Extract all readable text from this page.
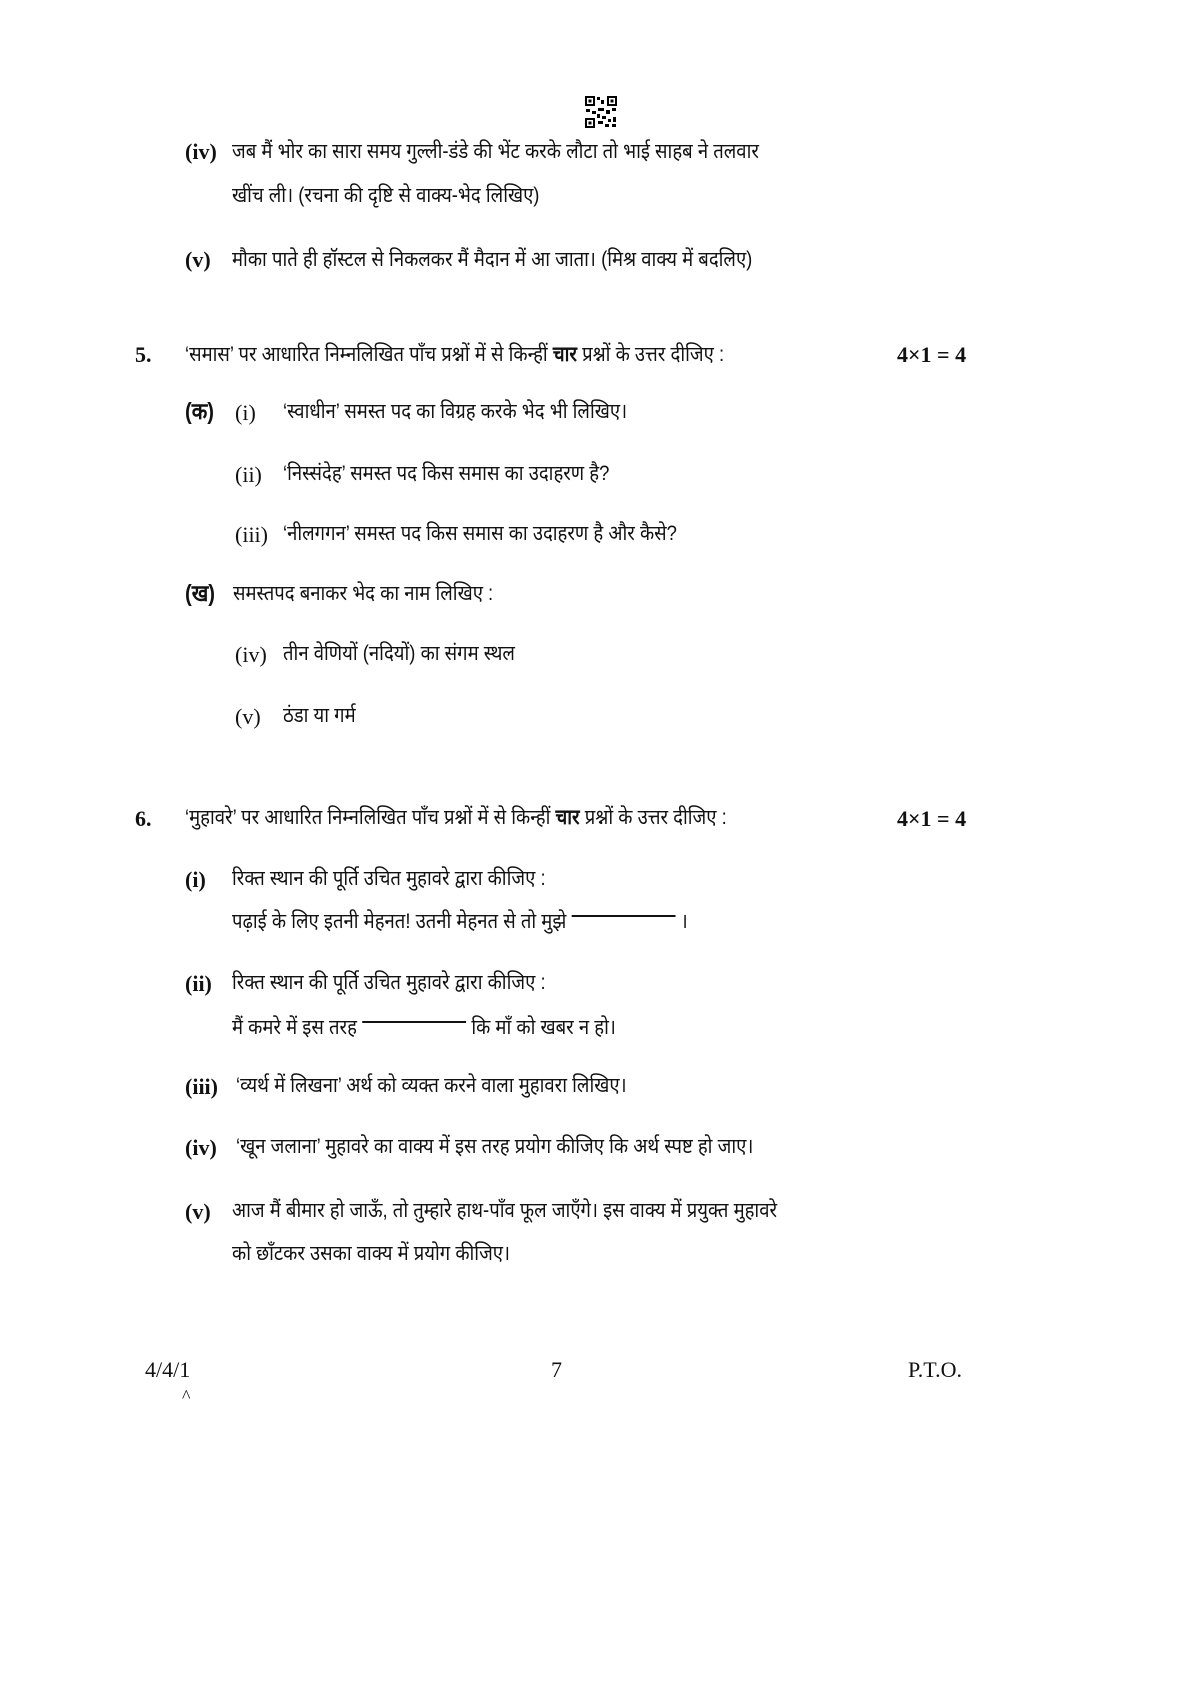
(iv) जब मैं भोर का सारा समय गुल्ली-डंडे की भेंट करके लौटा तो भाई साहब ने तलवार
खींच ली। (रचना की दृष्टि से वाक्य-भेद लिखिए)
(v) मौका पाते ही हॉस्टल से निकलकर मैं मैदान में आ जाता। (मिश्र वाक्य में बदलिए)
5. ‘समास’ पर आधारित निम्नलिखित पाँच प्रश्नों में से किन्हीं चार प्रश्नों के उत्तर दीजिए :	4×1 = 4
(क) (i) ‘स्वाधीन’ समस्त पद का विग्रह करके भेद भी लिखिए।
(ii) ‘निस्संदेह’ समस्त पद किस समास का उदाहरण है?
(iii) ‘नीलगगन’ समस्त पद किस समास का उदाहरण है और कैसे?
(ख) समस्तपद बनाकर भेद का नाम लिखिए :
(iv) तीन वेणियों (नदियों) का संगम स्थल
(v) ठंडा या गर्म
6. ‘मुहावरे’ पर आधारित निम्नलिखित पाँच प्रश्नों में से किन्हीं चार प्रश्नों के उत्तर दीजिए :	4×1 = 4
(i) रिक्त स्थान की पूर्ति उचित मुहावरे द्वारा कीजिए :
पढ़ाई के लिए इतनी मेहनत! उतनी मेहनत से तो मुझे	।
(ii) रिक्त स्थान की पूर्ति उचित मुहावरे द्वारा कीजिए :
मैं कमरे में इस तरह	कि माँ को खबर न हो।
(iii) ‘व्यर्थ में लिखना’ अर्थ को व्यक्त करने वाला मुहावरा लिखिए।
(iv) ‘खून जलाना’ मुहावरे का वाक्य में इस तरह प्रयोग कीजिए कि अर्थ स्पष्ट हो जाए।
(v) आज मैं बीमार हो जाऊँ, तो तुम्हारे हाथ-पाँव फूल जाएँगे। इस वाक्य में प्रयुक्त मुहावरे
को छाँटकर उसका वाक्य में प्रयोग कीजिए।
4/4/1
^
7	P.T.O.
